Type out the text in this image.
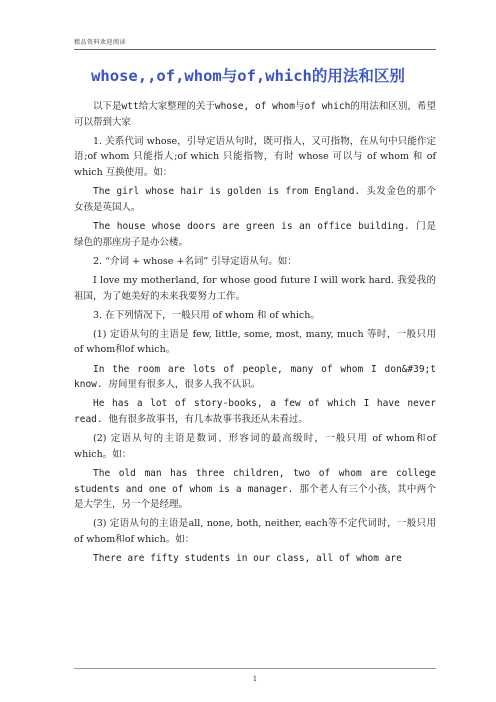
精品资料欢迎阅读
whose,,of,whom与of,which的用法和区别

以下是wtt给大家整理的关于whose, of whom与of which的用法和区别，希望可以帮到大家

1. 关系代词 whose，引导定语从句时，既可指人，又可指物，在从句中只能作定语;of whom 只能指人;of which 只能指物，有时 whose 可以与 of whom 和 of which 互换使用。如：

The girl whose hair is golden is from England. 头发金色的那个女孩是英国人。

The house whose doors are green is an office building. 门是绿色的那座房子是办公楼。

2. “介词 + whose +名词” 引导定语从句。如：

I love my motherland, for whose good future I will work hard. 我爱我的祖国，为了她美好的未来我要努力工作。

3. 在下列情况下，一般只用 of whom 和 of which。

(1) 定语从句的主语是 few, little, some, most, many, much 等时，一般只用of whom和of which。

In the room are lots of people, many of whom I don&#39;t know. 房间里有很多人，很多人我不认识。

He has a lot of story-books, a few of which I have never read. 他有很多故事书，有几本故事书我还从未看过。

(2) 定语从句的主语是数词、形容词的最高级时，一般只用 of whom和of which。如：

The old man has three children, two of whom are college students and one of whom is a manager. 那个老人有三个小孩，其中两个是大学生，另一个是经理。

(3) 定语从句的主语是all, none, both, neither, each等不定代词时，一般只用of whom和of which。如：

There are fifty students in our class, all of whom are

1
